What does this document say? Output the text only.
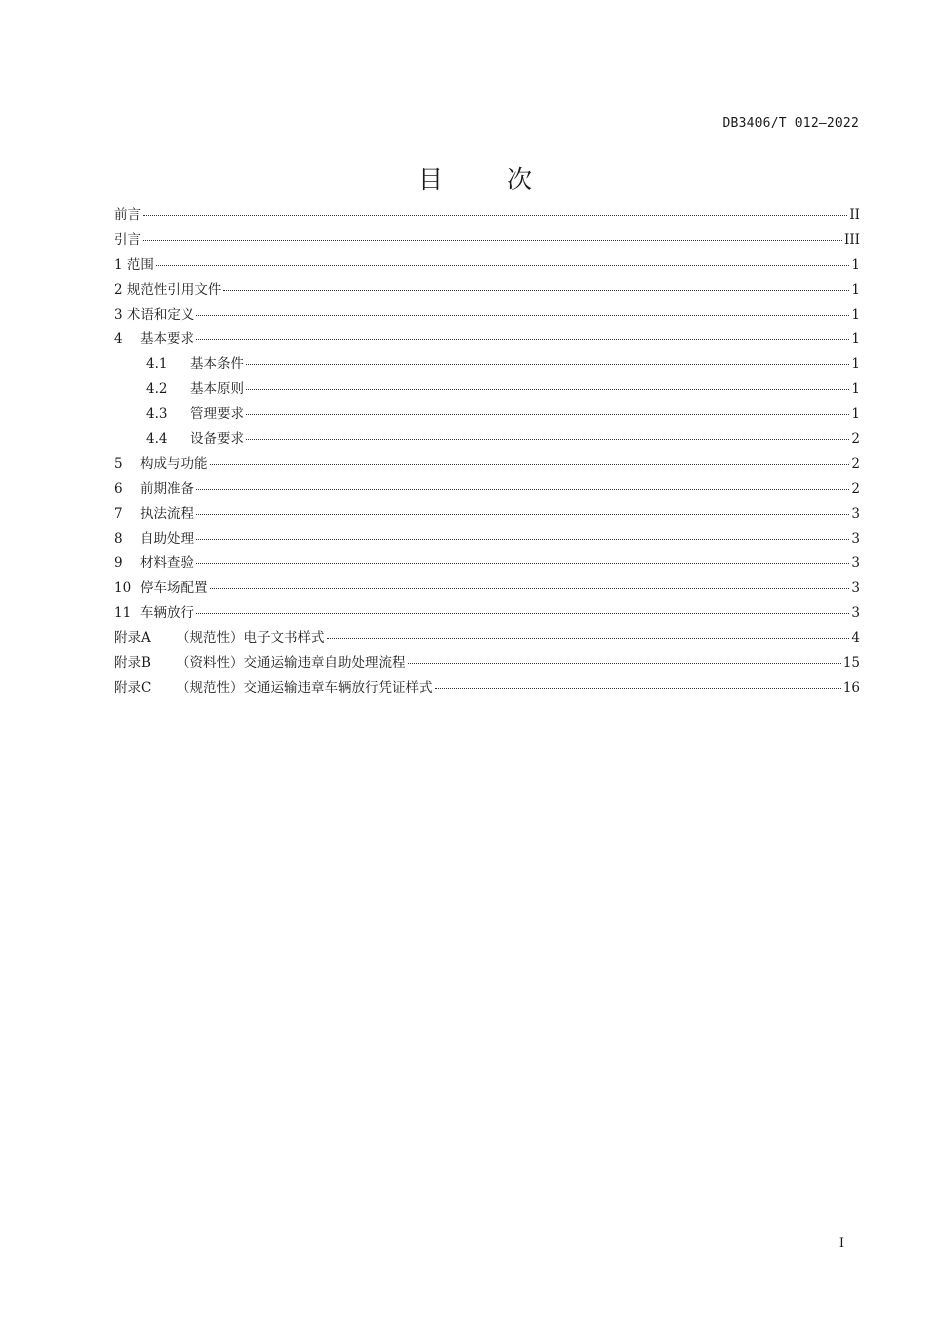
DB3406/T 012—2022
目 次
前言	II
引言	III
1 范围	1
2 规范性引用文件	1
3 术语和定义	1
4	基本要求	1
4.1	基本条件	1
4.2	基本原则	1
4.3	管理要求	1
4.4	设备要求	2
5	构成与功能	2
6	前期准备	2
7	执法流程	3
8	自助处理	3
9	材料查验	3
10 停车场配置	3
11 车辆放行	3
附录A	（规范性）电子文书样式	4
附录B	（资料性）交通运输违章自助处理流程	15
附录C	（规范性）交通运输违章车辆放行凭证样式	16
I
